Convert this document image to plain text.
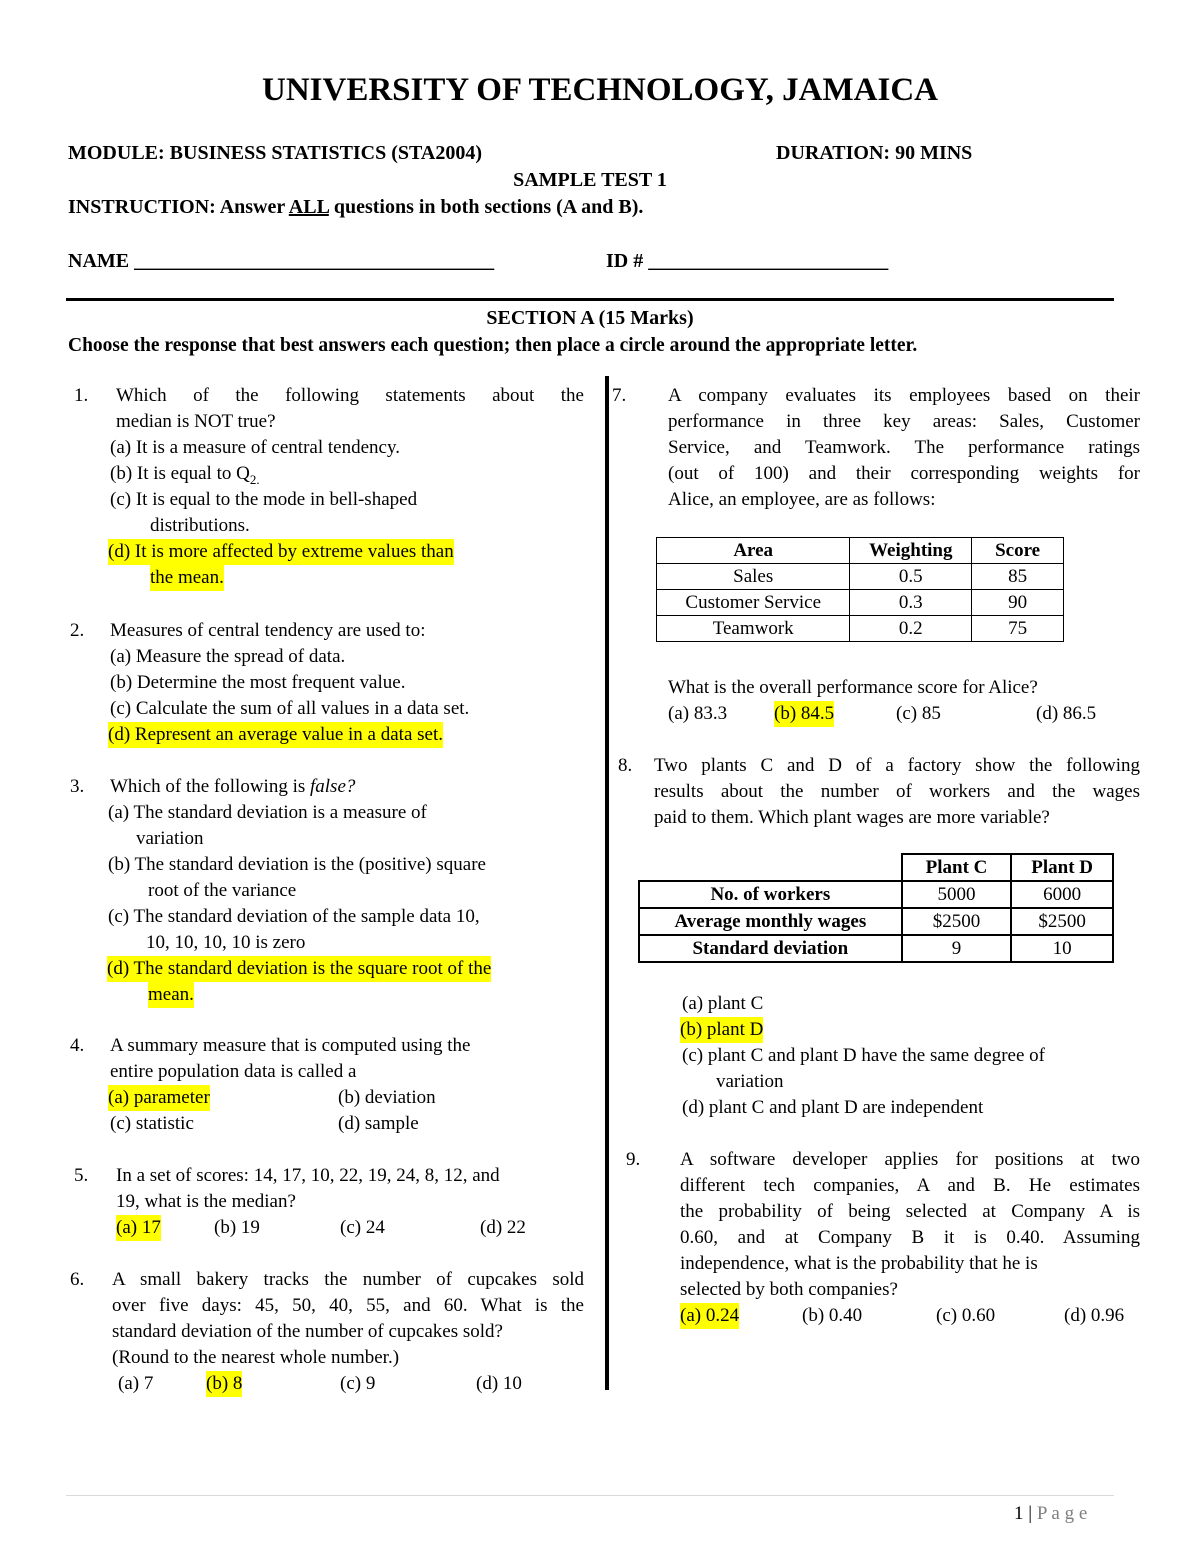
UNIVERSITY OF TECHNOLOGY, JAMAICA
MODULE: BUSINESS STATISTICS (STA2004)	DURATION: 90 MINS
SAMPLE TEST 1
INSTRUCTION: Answer ALL questions in both sections (A and B).
NAME ____________________________________	ID # ________________________
SECTION A (15 Marks)
Choose the response that best answers each question; then place a circle around the appropriate letter.
1. Which of the following statements about the
median is NOT true?
(a) It is a measure of central tendency.
(b) It is equal to $Q_{2.}$
(c) It is equal to the mode in bell-shaped
distributions.
(d) It is more affected by extreme values than
the mean.
2. Measures of central tendency are used to:
(a) Measure the spread of data.
(b) Determine the most frequent value.
(c) Calculate the sum of all values in a data set.
(d) Represent an average value in a data set.
3. Which of the following is false?
(a) The standard deviation is a measure of
variation
(b) The standard deviation is the (positive) square
root of the variance
(c) The standard deviation of the sample data 10,
10, 10, 10, 10 is zero
(d) The standard deviation is the square root of the
mean.
4. A summary measure that is computed using the
entire population data is called a
(a) parameter	(b) deviation
(c) statistic	(d) sample
5. In a set of scores: 14, 17, 10, 22, 19, 24, 8, 12, and
19, what is the median?
(a) 17	(b) 19	(c) 24	(d) 22
6. A small bakery tracks the number of cupcakes sold
over five days: 45, 50, 40, 55, and 60. What is the
standard deviation of the number of cupcakes sold?
(Round to the nearest whole number.)
(a) 7	(b) 8	(c) 9	(d) 10
7. A company evaluates its employees based on their
performance in three key areas: Sales, Customer
Service, and Teamwork. The performance ratings
(out of 100) and their corresponding weights for
Alice, an employee, are as follows:
Area	Weighting	Score
Sales	0.5	85
Customer Service	0.3	90
Teamwork	0.2	75
What is the overall performance score for Alice?
(a) 83.3 (b) 84.5	(c) 85	(d) 86.5
8. Two plants C and D of a factory show the following
results about the number of workers and the wages
paid to them. Which plant wages are more variable?
	Plant C	Plant D
No. of workers	5000	6000
Average monthly wages	$2500	$2500
Standard deviation	9	10
(a) plant C
(b) plant D
(c) plant C and plant D have the same degree of
variation
(d) plant C and plant D are independent
9. A software developer applies for positions at two
different tech companies, A and B. He estimates
the probability of being selected at Company A is
0.60, and at Company B it is 0.40. Assuming
independence, what is the probability that he is
selected by both companies?
(a) 0.24	(b) 0.40	(c) 0.60	(d) 0.96
1 | P a g e
